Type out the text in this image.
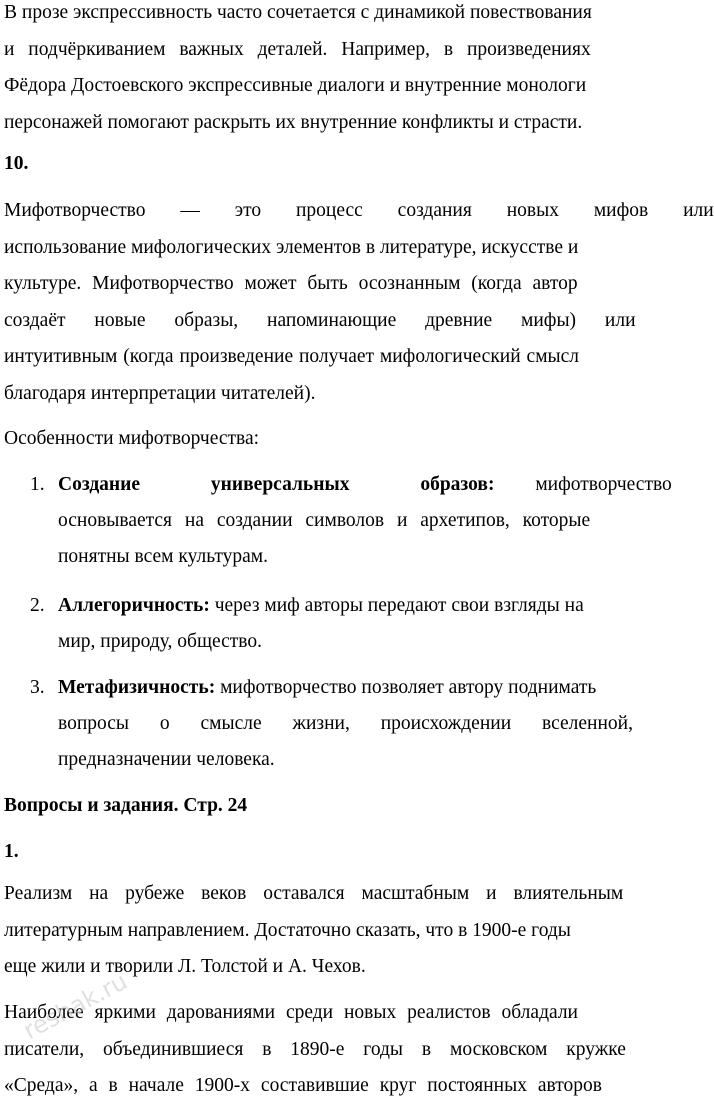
В прозе экспрессивность часто сочетается с динамикой повествования
и подчёркиванием важных деталей. Например, в произведениях
Фёдора Достоевского экспрессивные диалоги и внутренние монологи
персонажей помогают раскрыть их внутренние конфликты и страсти.
10.
Мифотворчество — это процесс создания новых мифов или
использование мифологических элементов в литературе, искусстве и
культуре. Мифотворчество может быть осознанным (когда автор
создаёт новые образы, напоминающие древние мифы) или
интуитивным (когда произведение получает мифологический смысл
благодаря интерпретации читателей).
Особенности мифотворчества:
1. Создание универсальных образов: мифотворчество
основывается на создании символов и архетипов, которые
понятны всем культурам.
2. Аллегоричность: через миф авторы передают свои взгляды на
мир, природу, общество.
3. Метафизичность: мифотворчество позволяет автору поднимать
вопросы о смысле жизни, происхождении вселенной,
предназначении человека.
Вопросы и задания. Стр. 24
1.
Реализм на рубеже веков оставался масштабным и влиятельным
литературным направлением. Достаточно сказать, что в 1900-е годы
еще жили и творили Л. Толстой и А. Чехов.
Наиболее яркими дарованиями среди новых реалистов обладали
писатели, объединившиеся в 1890-е годы в московском кружке
«Среда», а в начале 1900-х составившие круг постоянных авторов
reshak.ru
